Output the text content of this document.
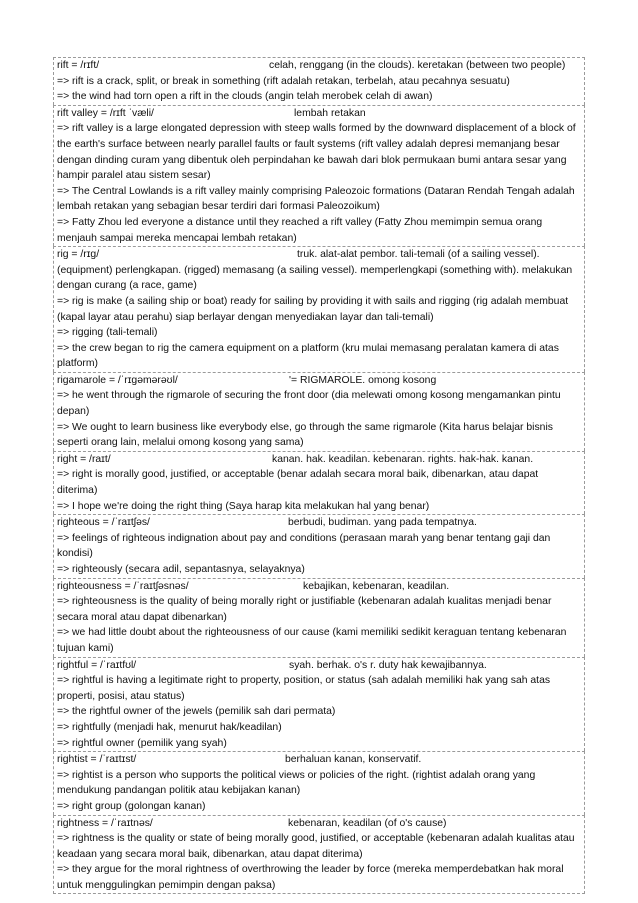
rift = /rɪft/	celah, renggang (in the clouds). keretakan (between two people)
=> rift is a crack, split, or break in something (rift adalah retakan, terbelah, atau pecahnya sesuatu)
=> the wind had torn open a rift in the clouds (angin telah merobek celah di awan)
rift valley = /rɪft ˈvæli/	lembah retakan
=> rift valley is a large elongated depression with steep walls formed by the downward displacement of a block of the earth's surface between nearly parallel faults or fault systems (rift valley adalah depresi memanjang besar dengan dinding curam yang dibentuk oleh perpindahan ke bawah dari blok permukaan bumi antara sesar yang hampir paralel atau sistem sesar)
=> The Central Lowlands is a rift valley mainly comprising Paleozoic formations (Dataran Rendah Tengah adalah lembah retakan yang sebagian besar terdiri dari formasi Paleozoikum)
=> Fatty Zhou led everyone a distance until they reached a rift valley (Fatty Zhou memimpin semua orang menjauh sampai mereka mencapai lembah retakan)
rig = /rɪg/	truk. alat-alat pembor. tali-temali (of a sailing vessel).
(equipment) perlengkapan. (rigged) memasang (a sailing vessel). memperlengkapi (something with). melakukan dengan curang (a race, game)
=> rig is make (a sailing ship or boat) ready for sailing by providing it with sails and rigging (rig adalah membuat (kapal layar atau perahu) siap berlayar dengan menyediakan layar dan tali-temali)
=> rigging (tali-temali)
=> the crew began to rig the camera equipment on a platform (kru mulai memasang peralatan kamera di atas platform)
rigamarole = /ˈrɪɡəmərəʊl/	'= RIGMAROLE. omong kosong
=> he went through the rigmarole of securing the front door (dia melewati omong kosong mengamankan pintu depan)
=> We ought to learn business like everybody else, go through the same rigmarole (Kita harus belajar bisnis seperti orang lain, melalui omong kosong yang sama)
right = /raɪt/	kanan. hak. keadilan. kebenaran. rights. hak-hak. kanan.
=> right is morally good, justified, or acceptable (benar adalah secara moral baik, dibenarkan, atau dapat diterima)
=> I hope we're doing the right thing (Saya harap kita melakukan hal yang benar)
righteous = /ˈraɪtʃəs/	berbudi, budiman. yang pada tempatnya.
=> feelings of righteous indignation about pay and conditions (perasaan marah yang benar tentang gaji dan kondisi)
=> righteously (secara adil, sepantasnya, selayaknya)
righteousness = /ˈraɪtʃəsnəs/	kebajikan, kebenaran, keadilan.
=> righteousness is the quality of being morally right or justifiable (kebenaran adalah kualitas menjadi benar secara moral atau dapat dibenarkan)
=> we had little doubt about the righteousness of our cause (kami memiliki sedikit keraguan tentang kebenaran tujuan kami)
rightful = /ˈraɪtfʊl/	syah. berhak. o's r. duty hak kewajibannya.
=> rightful is having a legitimate right to property, position, or status (sah adalah memiliki hak yang sah atas properti, posisi, atau status)
=> the rightful owner of the jewels (pemilik sah dari permata)
=> rightfully (menjadi hak, menurut hak/keadilan)
=> rightful owner (pemilik yang syah)
rightist = /ˈraɪtɪst/	berhaluan kanan, konservatif.
=> rightist is a person who supports the political views or policies of the right. (rightist adalah orang yang mendukung pandangan politik atau kebijakan kanan)
=> right group (golongan kanan)
rightness = /ˈraɪtnəs/	kebenaran, keadilan (of o's cause)
=> rightness is the quality or state of being morally good, justified, or acceptable (kebenaran adalah kualitas atau keadaan yang secara moral baik, dibenarkan, atau dapat diterima)
=> they argue for the moral rightness of overthrowing the leader by force (mereka memperdebatkan hak moral untuk menggulingkan pemimpin dengan paksa)
